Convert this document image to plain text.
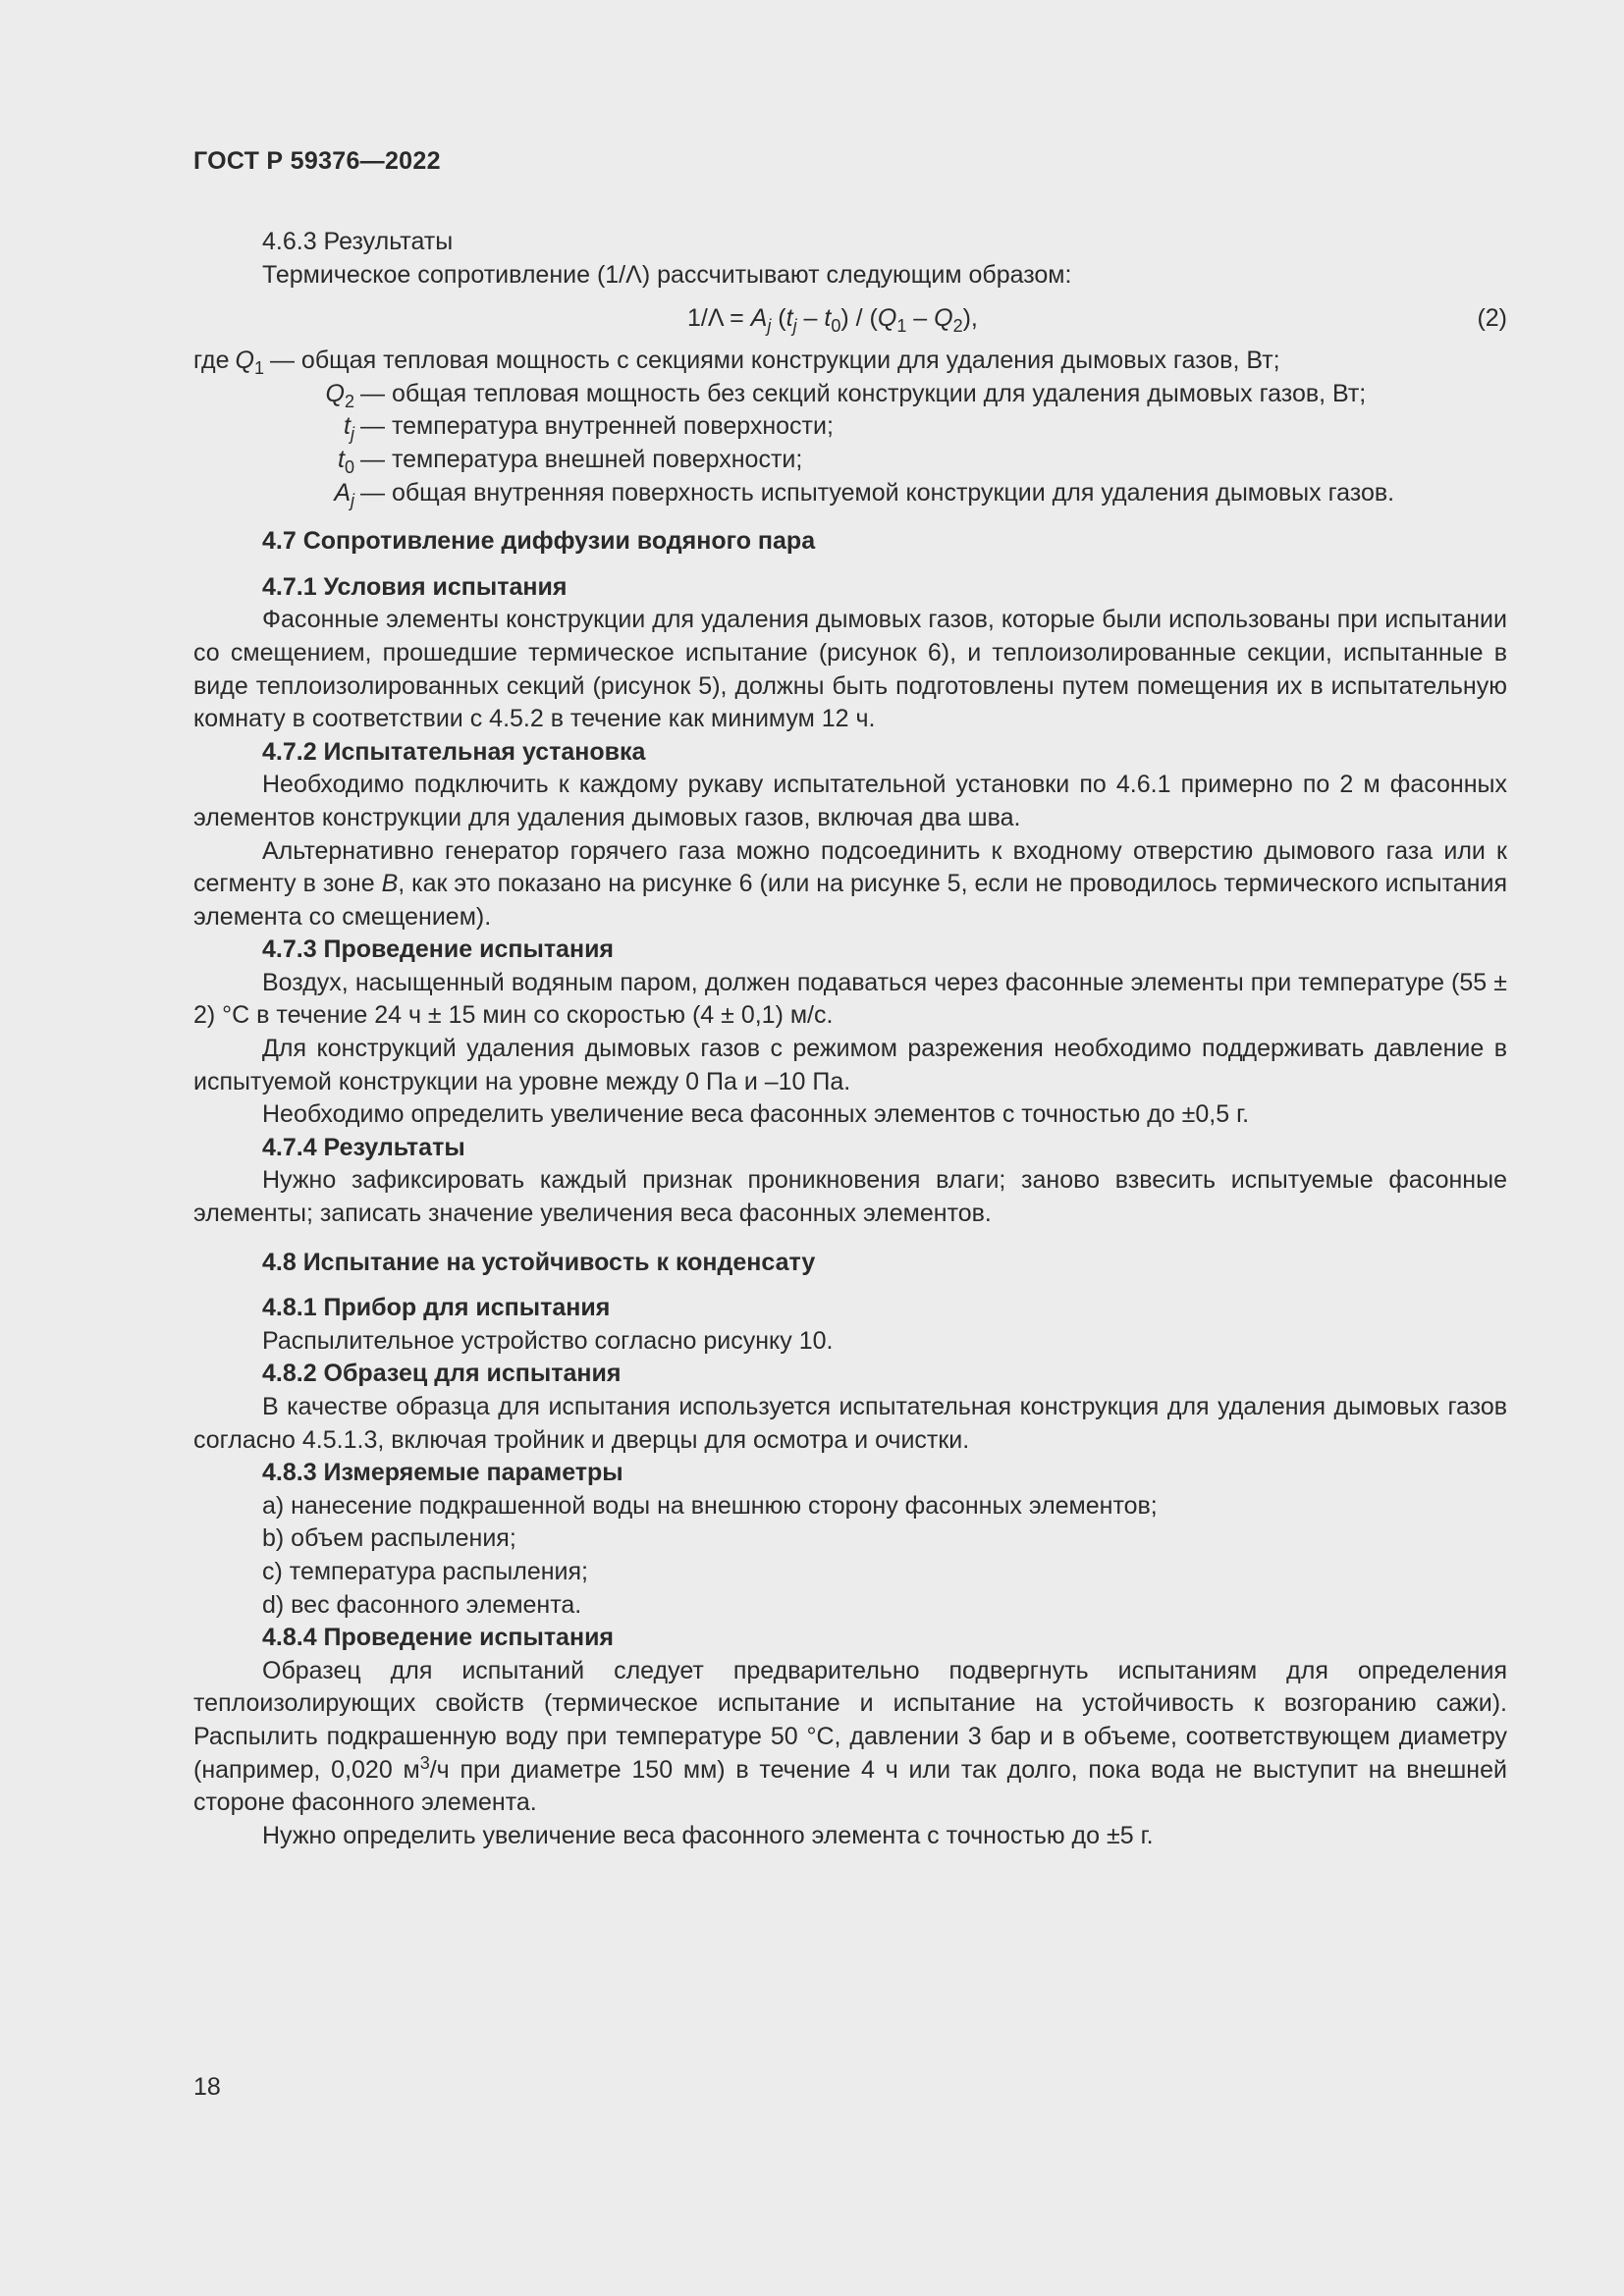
ГОСТ Р 59376—2022

4.6.3 Результаты

Термическое сопротивление (1/Λ) рассчитывают следующим образом:

$1/\Lambda = A_j$ $(t_j - t_0) / (Q_1 - Q_2)$,	(2)
где $Q_1$ — общая тепловая мощность с секциями конструкции для удаления дымовых газов, Вт;
$Q_2$ — общая тепловая мощность без секций конструкции для удаления дымовых газов, Вт;
$t_j$ — температура внутренней поверхности;
$t_0$ — температура внешней поверхности;
$A_j$ — общая внутренняя поверхность испытуемой конструкции для удаления дымовых газов.

4.7 Сопротивление диффузии водяного пара

4.7.1 Условия испытания

Фасонные элементы конструкции для удаления дымовых газов, которые были использованы при испытании со смещением, прошедшие термическое испытание (рисунок 6), и теплоизолированные секции, испытанные в виде теплоизолированных секций (рисунок 5), должны быть подготовлены путем помещения их в испытательную комнату в соответствии с 4.5.2 в течение как минимум 12 ч.

4.7.2 Испытательная установка

Необходимо подключить к каждому рукаву испытательной установки по 4.6.1 примерно по 2 м фасонных элементов конструкции для удаления дымовых газов, включая два шва.

Альтернативно генератор горячего газа можно подсоединить к входному отверстию дымового газа или к сегменту в зоне B, как это показано на рисунке 6 (или на рисунке 5, если не проводилось термического испытания элемента со смещением).

4.7.3 Проведение испытания

Воздух, насыщенный водяным паром, должен подаваться через фасонные элементы при температуре (55 ± 2) °С в течение 24 ч ± 15 мин со скоростью (4 ± 0,1) м/с.

Для конструкций удаления дымовых газов с режимом разрежения необходимо поддерживать давление в испытуемой конструкции на уровне между 0 Па и –10 Па.

Необходимо определить увеличение веса фасонных элементов с точностью до ±0,5 г.

4.7.4 Результаты

Нужно зафиксировать каждый признак проникновения влаги; заново взвесить испытуемые фасонные элементы; записать значение увеличения веса фасонных элементов.

4.8 Испытание на устойчивость к конденсату

4.8.1 Прибор для испытания

Распылительное устройство согласно рисунку 10.

4.8.2 Образец для испытания

В качестве образца для испытания используется испытательная конструкция для удаления дымовых газов согласно 4.5.1.3, включая тройник и дверцы для осмотра и очистки.

4.8.3 Измеряемые параметры

а) нанесение подкрашенной воды на внешнюю сторону фасонных элементов;

b) объем распыления;

c) температура распыления;

d) вес фасонного элемента.

4.8.4 Проведение испытания

Образец для испытаний следует предварительно подвергнуть испытаниям для определения теплоизолирующих свойств (термическое испытание и испытание на устойчивость к возгоранию сажи). Распылить подкрашенную воду при температуре 50 °С, давлении 3 бар и в объеме, соответствующем диаметру (например, 0,020 $м^3/ч$ при диаметре 150 мм) в течение 4 ч или так долго, пока вода не выступит на внешней стороне фасонного элемента.

Нужно определить увеличение веса фасонного элемента с точностью до ±5 г.

18
